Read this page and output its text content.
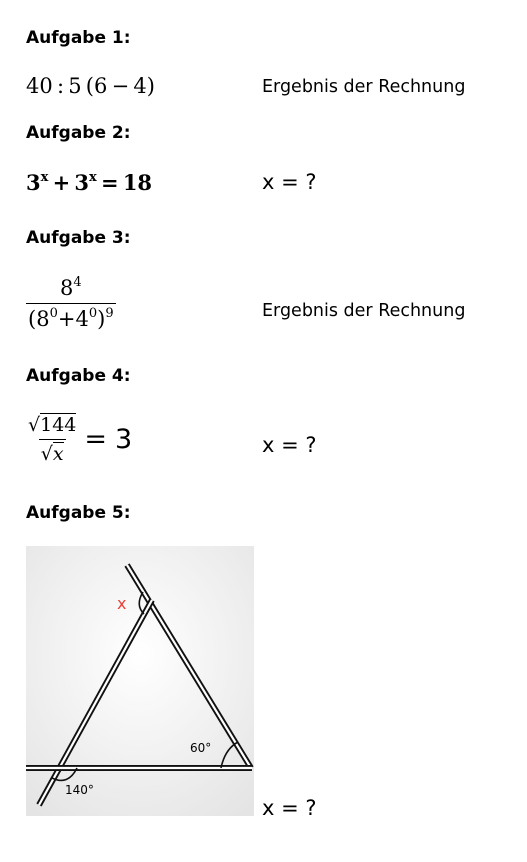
Aufgabe 1:
40  :  5  (6  −  4)	Ergebnis der Rechnung
Aufgabe 2:
3$^x$  +  3$^x$  =  18	x = ?
Aufgabe 3:
$\frac{8^4}{(8^0+4^0)^9}$	Ergebnis der Rechnung
Aufgabe 4:
$\frac{√144}{√x} = 3$	x = ?
Aufgabe 5:
x
60°
140°
x = ?
